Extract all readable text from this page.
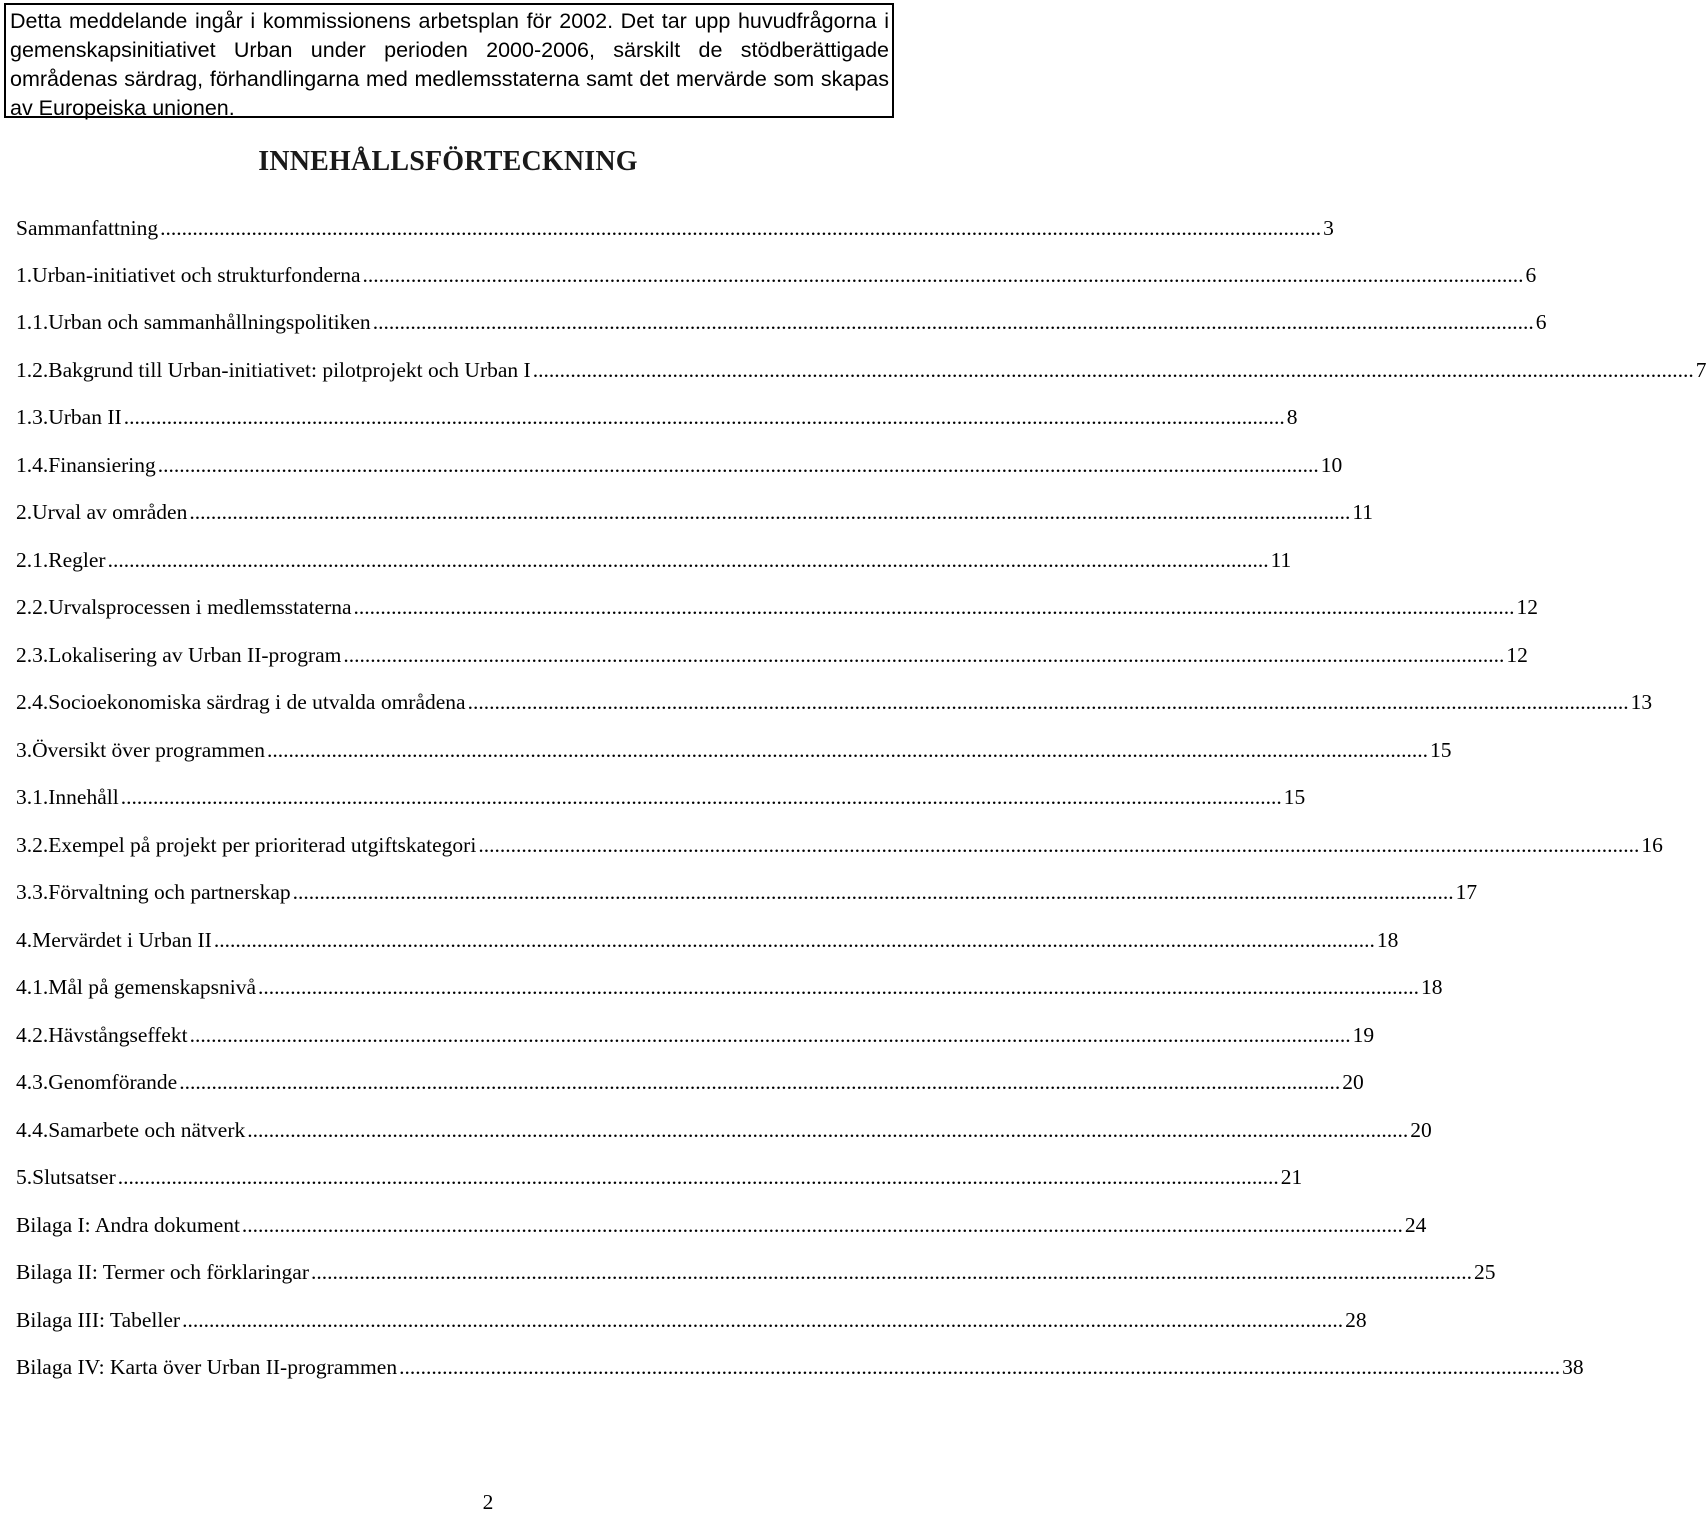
Detta meddelande ingår i kommissionens arbetsplan för 2002. Det tar upp huvudfrågorna i gemenskapsinitiativet Urban under perioden 2000-2006, särskilt de stödberättigade områdenas särdrag, förhandlingarna med medlemsstaterna samt det mervärde som skapas av Europeiska unionen.
INNEHÅLLSFÖRTECKNING
Sammanfattning .....	3
1. Urban-initiativet och strukturfonderna .....	6
1.1. Urban och sammanhållningspolitiken .....	6
1.2. Bakgrund till Urban-initiativet: pilotprojekt och Urban I .....	7
1.3. Urban II .....	8
1.4. Finansiering .....	10
2. Urval av områden .....	11
2.1. Regler .....	11
2.2. Urvalsprocessen i medlemsstaterna .....	12
2.3. Lokalisering av Urban II-program .....	12
2.4. Socioekonomiska särdrag i de utvalda områdena .....	13
3. Översikt över programmen .....	15
3.1. Innehåll .....	15
3.2. Exempel på projekt per prioriterad utgiftskategori .....	16
3.3. Förvaltning och partnerskap .....	17
4. Mervärdet i Urban II .....	18
4.1. Mål på gemenskapsnivå .....	18
4.2. Hävstångseffekt .....	19
4.3. Genomförande .....	20
4.4. Samarbete och nätverk .....	20
5. Slutsatser .....	21
Bilaga I: Andra dokument .....	24
Bilaga II: Termer och förklaringar .....	25
Bilaga III: Tabeller .....	28
Bilaga IV: Karta över Urban II-programmen .....	38
2
